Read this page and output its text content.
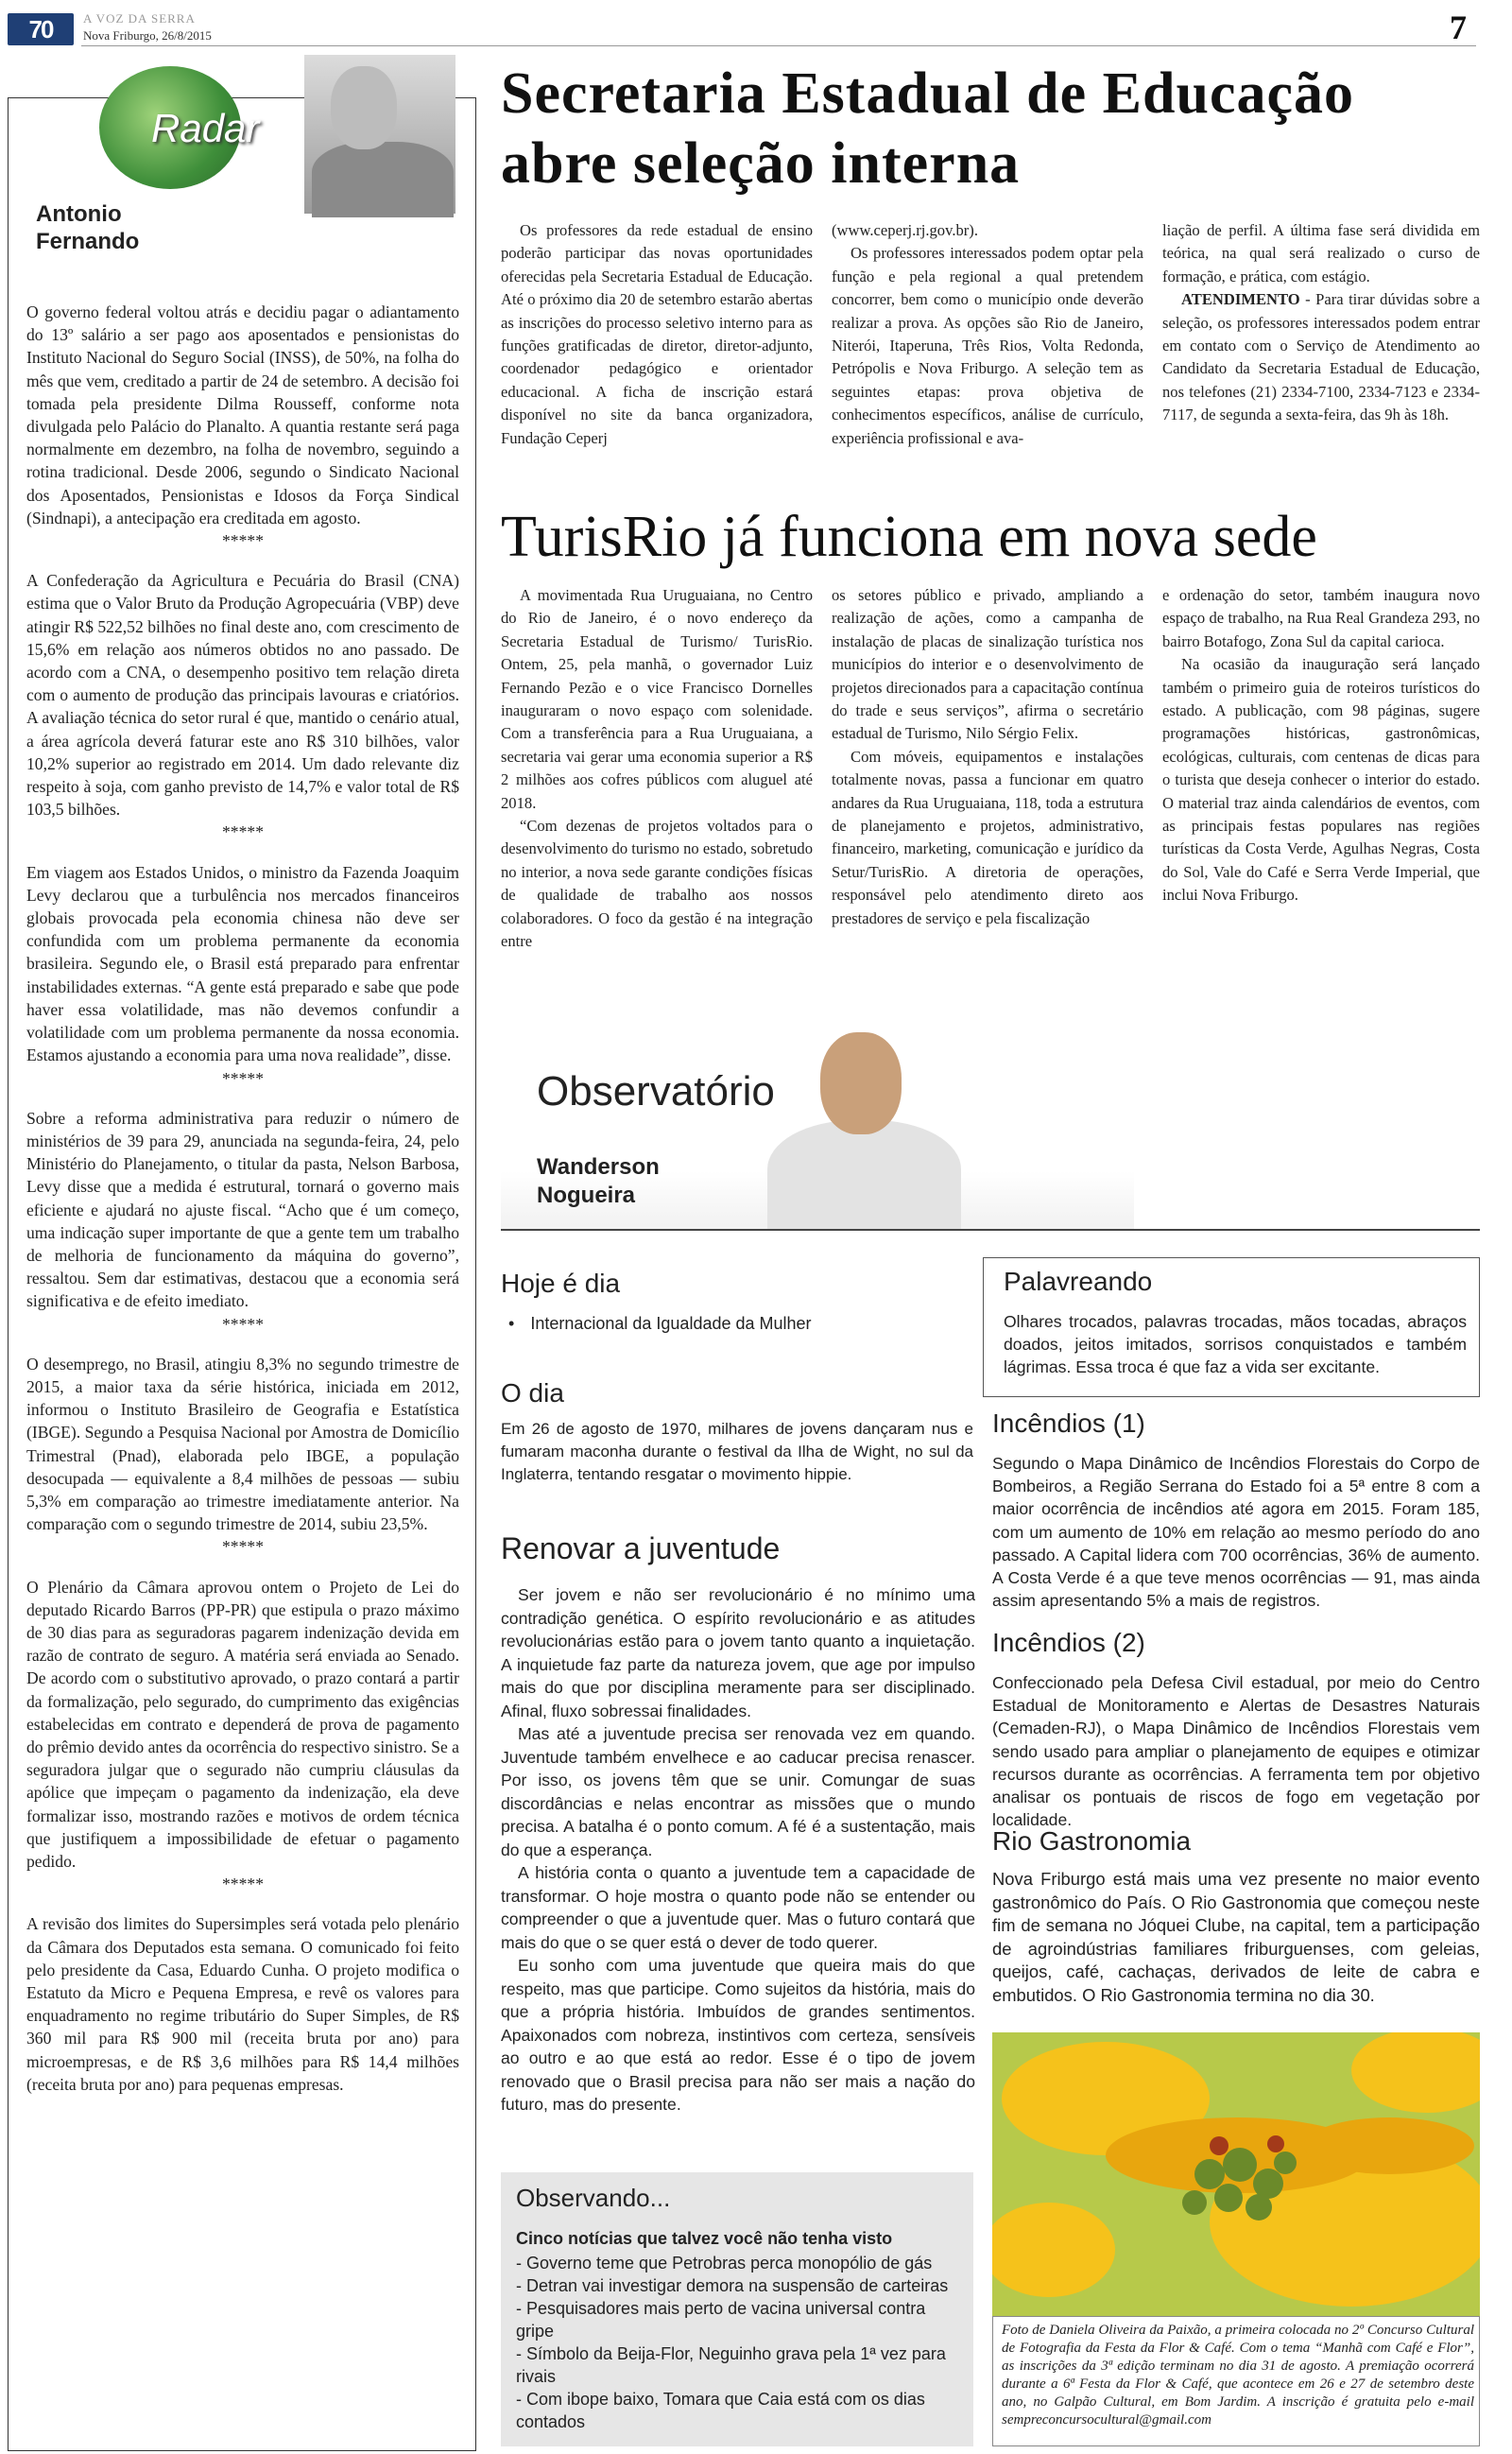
70	A VOZ DA SERRA
Nova Friburgo, 26/8/2015	7
Radar
Antonio Fernando

O governo federal voltou atrás e decidiu pagar o adiantamento do 13º salário a ser pago aos aposentados e pensionistas do Instituto Nacional do Seguro Social (INSS), de 50%, na folha do mês que vem, creditado a partir de 24 de setembro. A decisão foi tomada pela presidente Dilma Rousseff, conforme nota divulgada pelo Palácio do Planalto. A quantia restante será paga normalmente em dezembro, na folha de novembro, seguindo a rotina tradicional. Desde 2006, segundo o Sindicato Nacional dos Aposentados, Pensionistas e Idosos da Força Sindical (Sindnapi), a antecipação era creditada em agosto.

*****

A Confederação da Agricultura e Pecuária do Brasil (CNA) estima que o Valor Bruto da Produção Agropecuária (VBP) deve atingir R$ 522,52 bilhões no final deste ano, com crescimento de 15,6% em relação aos números obtidos no ano passado. De acordo com a CNA, o desempenho positivo tem relação direta com o aumento de produção das principais lavouras e criatórios. A avaliação técnica do setor rural é que, mantido o cenário atual, a área agrícola deverá faturar este ano R$ 310 bilhões, valor 10,2% superior ao registrado em 2014. Um dado relevante diz respeito à soja, com ganho previsto de 14,7% e valor total de R$ 103,5 bilhões.

*****

Em viagem aos Estados Unidos, o ministro da Fazenda Joaquim Levy declarou que a turbulência nos mercados financeiros globais provocada pela economia chinesa não deve ser confundida com um problema permanente da economia brasileira. Segundo ele, o Brasil está preparado para enfrentar instabilidades externas. “A gente está preparado e sabe que pode haver essa volatilidade, mas não devemos confundir a volatilidade com um problema permanente da nossa economia. Estamos ajustando a economia para uma nova realidade”, disse.

*****

Sobre a reforma administrativa para reduzir o número de ministérios de 39 para 29, anunciada na segunda-feira, 24, pelo Ministério do Planejamento, o titular da pasta, Nelson Barbosa, Levy disse que a medida é estrutural, tornará o governo mais eficiente e ajudará no ajuste fiscal. “Acho que é um começo, uma indicação super importante de que a gente tem um trabalho de melhoria de funcionamento da máquina do governo”, ressaltou. Sem dar estimativas, destacou que a economia será significativa e de efeito imediato.

*****

O desemprego, no Brasil, atingiu 8,3% no segundo trimestre de 2015, a maior taxa da série histórica, iniciada em 2012, informou o Instituto Brasileiro de Geografia e Estatística (IBGE). Segundo a Pesquisa Nacional por Amostra de Domicílio Trimestral (Pnad), elaborada pelo IBGE, a população desocupada — equivalente a 8,4 milhões de pessoas — subiu 5,3% em comparação ao trimestre imediatamente anterior. Na comparação com o segundo trimestre de 2014, subiu 23,5%.

*****

O Plenário da Câmara aprovou ontem o Projeto de Lei do deputado Ricardo Barros (PP-PR) que estipula o prazo máximo de 30 dias para as seguradoras pagarem indenização devida em razão de contrato de seguro. A matéria será enviada ao Senado. De acordo com o substitutivo aprovado, o prazo contará a partir da formalização, pelo segurado, do cumprimento das exigências estabelecidas em contrato e dependerá de prova de pagamento do prêmio devido antes da ocorrência do respectivo sinistro. Se a seguradora julgar que o segurado não cumpriu cláusulas da apólice que impeçam o pagamento da indenização, ela deve formalizar isso, mostrando razões e motivos de ordem técnica que justifiquem a impossibilidade de efetuar o pagamento pedido.

*****

A revisão dos limites do Supersimples será votada pelo plenário da Câmara dos Deputados esta semana. O comunicado foi feito pelo presidente da Casa, Eduardo Cunha. O projeto modifica o Estatuto da Micro e Pequena Empresa, e revê os valores para enquadramento no regime tributário do Super Simples, de R$ 360 mil para R$ 900 mil (receita bruta por ano) para microempresas, e de R$ 3,6 milhões para R$ 14,4 milhões (receita bruta por ano) para pequenas empresas.

Secretaria Estadual de Educação abre seleção interna

Os professores da rede estadual de ensino poderão participar das novas oportunidades oferecidas pela Secretaria Estadual de Educação. Até o próximo dia 20 de setembro estarão abertas as inscrições do processo seletivo interno para as funções gratificadas de diretor, diretor-adjunto, coordenador pedagógico e orientador educacional. A ficha de inscrição estará disponível no site da banca organizadora, Fundação Ceperj

(www.ceperj.rj.gov.br).

Os professores interessados podem optar pela função e pela regional a qual pretendem concorrer, bem como o município onde deverão realizar a prova. As opções são Rio de Janeiro, Niterói, Itaperuna, Três Rios, Volta Redonda, Petrópolis e Nova Friburgo. A seleção tem as seguintes etapas: prova objetiva de conhecimentos específicos, análise de currículo, experiência profissional e ava-

liação de perfil. A última fase será dividida em teórica, na qual será realizado o curso de formação, e prática, com estágio.

ATENDIMENTO - Para tirar dúvidas sobre a seleção, os professores interessados podem entrar em contato com o Serviço de Atendimento ao Candidato da Secretaria Estadual de Educação, nos telefones (21) 2334-7100, 2334-7123 e 2334-7117, de segunda a sexta-feira, das 9h às 18h.

TurisRio já funciona em nova sede

A movimentada Rua Uruguaiana, no Centro do Rio de Janeiro, é o novo endereço da Secretaria Estadual de Turismo/ TurisRio. Ontem, 25, pela manhã, o governador Luiz Fernando Pezão e o vice Francisco Dornelles inauguraram o novo espaço com solenidade. Com a transferência para a Rua Uruguaiana, a secretaria vai gerar uma economia superior a R$ 2 milhões aos cofres públicos com aluguel até 2018.

“Com dezenas de projetos voltados para o desenvolvimento do turismo no estado, sobretudo no interior, a nova sede garante condições físicas de qualidade de trabalho aos nossos colaboradores. O foco da gestão é na integração entre

os setores público e privado, ampliando a realização de ações, como a campanha de instalação de placas de sinalização turística nos municípios do interior e o desenvolvimento de projetos direcionados para a capacitação contínua do trade e seus serviços”, afirma o secretário estadual de Turismo, Nilo Sérgio Felix.

Com móveis, equipamentos e instalações totalmente novas, passa a funcionar em quatro andares da Rua Uruguaiana, 118, toda a estrutura de planejamento e projetos, administrativo, financeiro, marketing, comunicação e jurídico da Setur/TurisRio. A diretoria de operações, responsável pelo atendimento direto aos prestadores de serviço e pela fiscalização

e ordenação do setor, também inaugura novo espaço de trabalho, na Rua Real Grandeza 293, no bairro Botafogo, Zona Sul da capital carioca.

Na ocasião da inauguração será lançado também o primeiro guia de roteiros turísticos do estado. A publicação, com 98 páginas, sugere programações históricas, gastronômicas, ecológicas, culturais, com centenas de dicas para o turista que deseja conhecer o interior do estado. O material traz ainda calendários de eventos, com as principais festas populares nas regiões turísticas da Costa Verde, Agulhas Negras, Costa do Sol, Vale do Café e Serra Verde Imperial, que inclui Nova Friburgo.

Observatório
Wanderson Nogueira
Hoje é dia
• Internacional da Igualdade da Mulher
O dia
Em 26 de agosto de 1970, milhares de jovens dançaram nus e fumaram maconha durante o festival da Ilha de Wight, no sul da Inglaterra, tentando resgatar o movimento hippie.
Renovar a juventude

Ser jovem e não ser revolucionário é no mínimo uma contradição genética. O espírito revolucionário e as atitudes revolucionárias estão para o jovem tanto quanto a inquietação. A inquietude faz parte da natureza jovem, que age por impulso mais do que por disciplina meramente para ser disciplinado. Afinal, fluxo sobressai finalidades.

Mas até a juventude precisa ser renovada vez em quando. Juventude também envelhece e ao caducar precisa renascer. Por isso, os jovens têm que se unir. Comungar de suas discordâncias e nelas encontrar as missões que o mundo precisa. A batalha é o ponto comum. A fé é a sustentação, mais do que a esperança.

A história conta o quanto a juventude tem a capacidade de transformar. O hoje mostra o quanto pode não se entender ou compreender o que a juventude quer. Mas o futuro contará que mais do que o se quer está o dever de todo querer.

Eu sonho com uma juventude que queira mais do que respeito, mas que participe. Como sujeitos da história, mais do que a própria história. Imbuídos de grandes sentimentos. Apaixonados com nobreza, instintivos com certeza, sensíveis ao outro e ao que está ao redor. Esse é o tipo de jovem renovado que o Brasil precisa para não ser mais a nação do futuro, mas do presente.

Observando...
Cinco notícias que talvez você não tenha visto
- Governo teme que Petrobras perca monopólio de gás
- Detran vai investigar demora na suspensão de carteiras
- Pesquisadores mais perto de vacina universal contra gripe
- Símbolo da Beija-Flor, Neguinho grava pela 1ª vez para rivais
- Com ibope baixo, Tomara que Caia está com os dias contados
Palavreando
Olhares trocados, palavras trocadas, mãos tocadas, abraços doados, jeitos imitados, sorrisos conquistados e também lágrimas. Essa troca é que faz a vida ser excitante.
Incêndios (1)
Segundo o Mapa Dinâmico de Incêndios Florestais do Corpo de Bombeiros, a Região Serrana do Estado foi a 5ª entre 8 com a maior ocorrência de incêndios até agora em 2015. Foram 185, com um aumento de 10% em relação ao mesmo período do ano passado. A Capital lidera com 700 ocorrências, 36% de aumento. A Costa Verde é a que teve menos ocorrências — 91, mas ainda assim apresentando 5% a mais de registros.
Incêndios (2)
Confeccionado pela Defesa Civil estadual, por meio do Centro Estadual de Monitoramento e Alertas de Desastres Naturais (Cemaden-RJ), o Mapa Dinâmico de Incêndios Florestais vem sendo usado para ampliar o planejamento de equipes e otimizar recursos durante as ocorrências. A ferramenta tem por objetivo analisar os pontuais de riscos de fogo em vegetação por localidade.
Rio Gastronomia
Nova Friburgo está mais uma vez presente no maior evento gastronômico do País. O Rio Gastronomia que começou neste fim de semana no Jóquei Clube, na capital, tem a participação de agroindústrias familiares friburguenses, com geleias, queijos, café, cachaças, derivados de leite de cabra e embutidos. O Rio Gastronomia termina no dia 30.
Foto de Daniela Oliveira da Paixão, a primeira colocada no 2º Concurso Cultural de Fotografia da Festa da Flor & Café. Com o tema “Manhã com Café e Flor”, as inscrições da 3ª edição terminam no dia 31 de agosto. A premiação ocorrerá durante a 6ª Festa da Flor & Café, que acontece em 26 e 27 de setembro deste ano, no Galpão Cultural, em Bom Jardim. A inscrição é gratuita pelo e-mail sempreconcursocultural@gmail.com
